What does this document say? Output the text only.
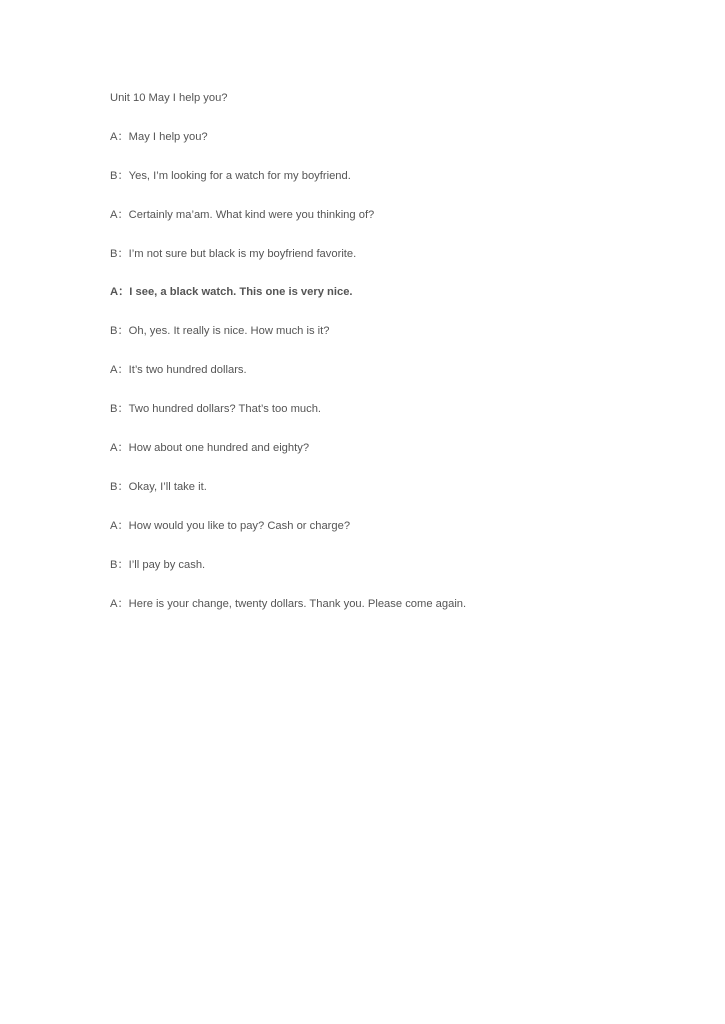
Unit 10 May I help you?
A：May I help you?
B：Yes, I’m looking for a watch for my boyfriend.
A：Certainly ma’am. What kind were you thinking of?
B：I’m not sure but black is my boyfriend favorite.
A：I see, a black watch. This one is very nice.
B：Oh, yes. It really is nice. How much is it?
A：It’s two hundred dollars.
B：Two hundred dollars? That’s too much.
A：How about one hundred and eighty?
B：Okay, I’ll take it.
A：How would you like to pay? Cash or charge?
B：I’ll pay by cash.
A：Here is your change, twenty dollars. Thank you. Please come again.
